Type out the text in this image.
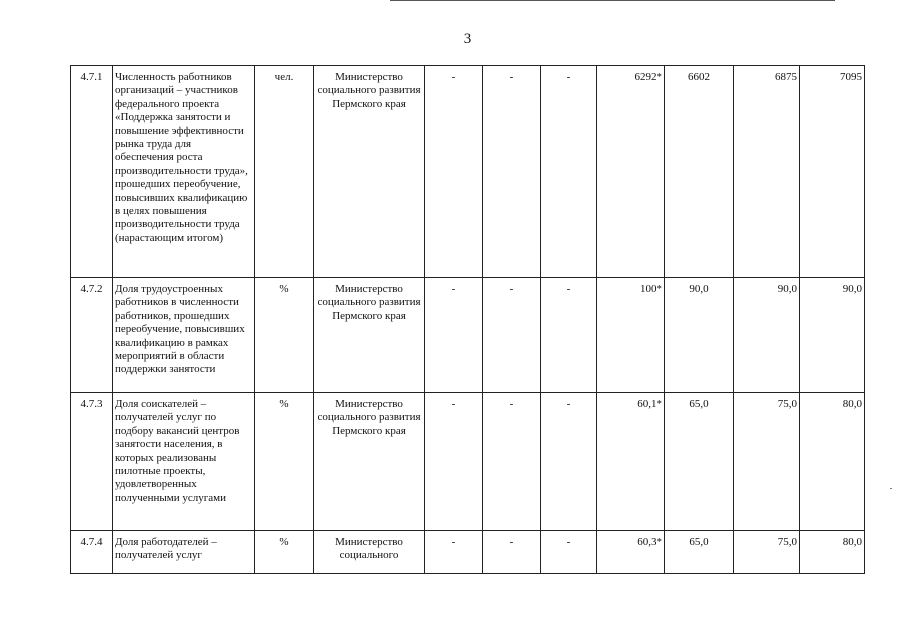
3
4.7.1	Численность работников организаций – участников федерального проекта «Поддержка занятости и повышение эффективности рынка труда для обеспечения роста производительности труда», прошедших переобучение, повысивших квалификацию в целях повышения производительности труда (нарастающим итогом)	чел.	Министерство социального развития Пермского края	-	-	-	6292*	6602	6875	7095
4.7.2	Доля трудоустроенных работников в численности работников, прошедших переобучение, повысивших квалификацию в рамках мероприятий в области поддержки занятости	%	Министерство социального развития Пермского края	-	-	-	100*	90,0	90,0	90,0
4.7.3	Доля соискателей – получателей услуг по подбору вакансий центров занятости населения, в которых реализованы пилотные проекты, удовлетворенных полученными услугами	%	Министерство социального развития Пермского края	-	-	-	60,1*	65,0	75,0	80,0
4.7.4	Доля работодателей – получателей услуг	%	Министерство социального	-	-	-	60,3*	65,0	75,0	80,0
